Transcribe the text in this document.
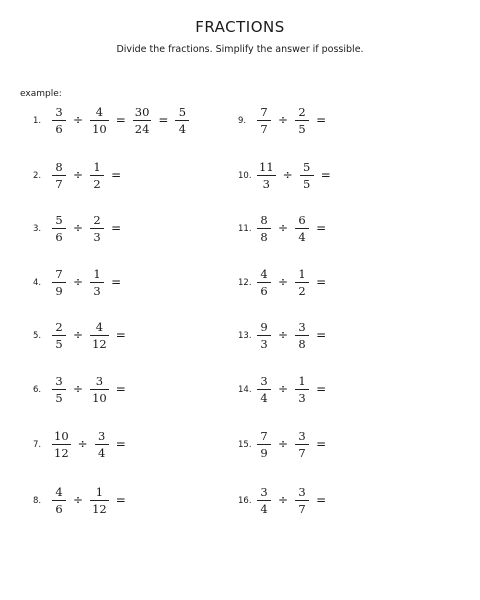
FRACTIONS
Divide the fractions. Simplify the answer if possible.
example:
1. $\frac{3}{6} \div \frac{4}{10} = \frac{30}{24} = \frac{5}{4}$
2. $\frac{8}{7} \div \frac{1}{2}$ =
3. $\frac{5}{6} \div \frac{2}{3}$ =
4. $\frac{7}{9} \div \frac{1}{3}$ =
5. $\frac{2}{5} \div \frac{4}{12}$ =
6. $\frac{3}{5} \div \frac{3}{10}$ =
7. $\frac{10}{12} \div \frac{3}{4}$ =
8. $\frac{4}{6} \div \frac{1}{12}$ =
9. $\frac{7}{7} \div \frac{2}{5}$ =
10. $\frac{11}{3} \div \frac{5}{5}$ =
11. $\frac{8}{8} \div \frac{6}{4}$ =
12. $\frac{4}{6} \div \frac{1}{2}$ =
13. $\frac{9}{3} \div \frac{3}{8}$ =
14. $\frac{3}{4} \div \frac{1}{3}$ =
15. $\frac{7}{9} \div \frac{3}{7}$ =
16. $\frac{3}{4} \div \frac{3}{7}$ =
